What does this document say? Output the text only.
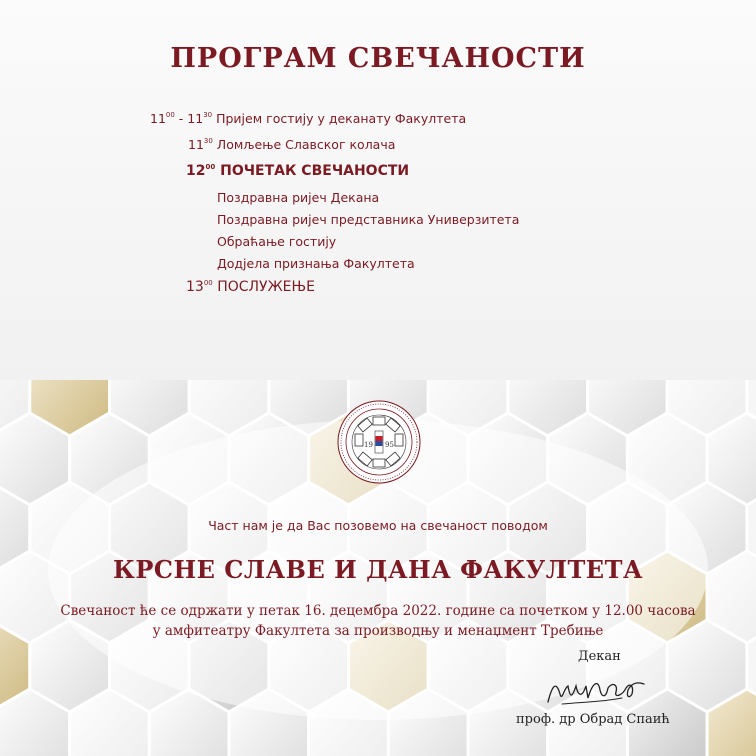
ПРОГРАМ СВЕЧАНОСТИ
$11^{00} - 11^{30}$ Пријем гостију у деканату Факултета
$11^{30}$ Ломљење Славског колача
$12^{00}$ ПОЧЕТАК СВЕЧАНОСТИ
Поздравна ријеч Декана
Поздравна ријеч представника Универзитета
Обраћање гостију
Додјела признања Факултета
$13^{00}$ ПОСЛУЖЕЊЕ
19 95
Част нам је да Вас позовемо на свечаност поводом
КРСНЕ СЛАВЕ И ДАНА ФАКУЛТЕТА
Свечаност ће се одржати у петак 16. децембра 2022. године са почетком у 12.00 часова
у амфитеатру Факултета за производњу и менаџмент Требиње
Декан
проф. др Обрад Спаић
